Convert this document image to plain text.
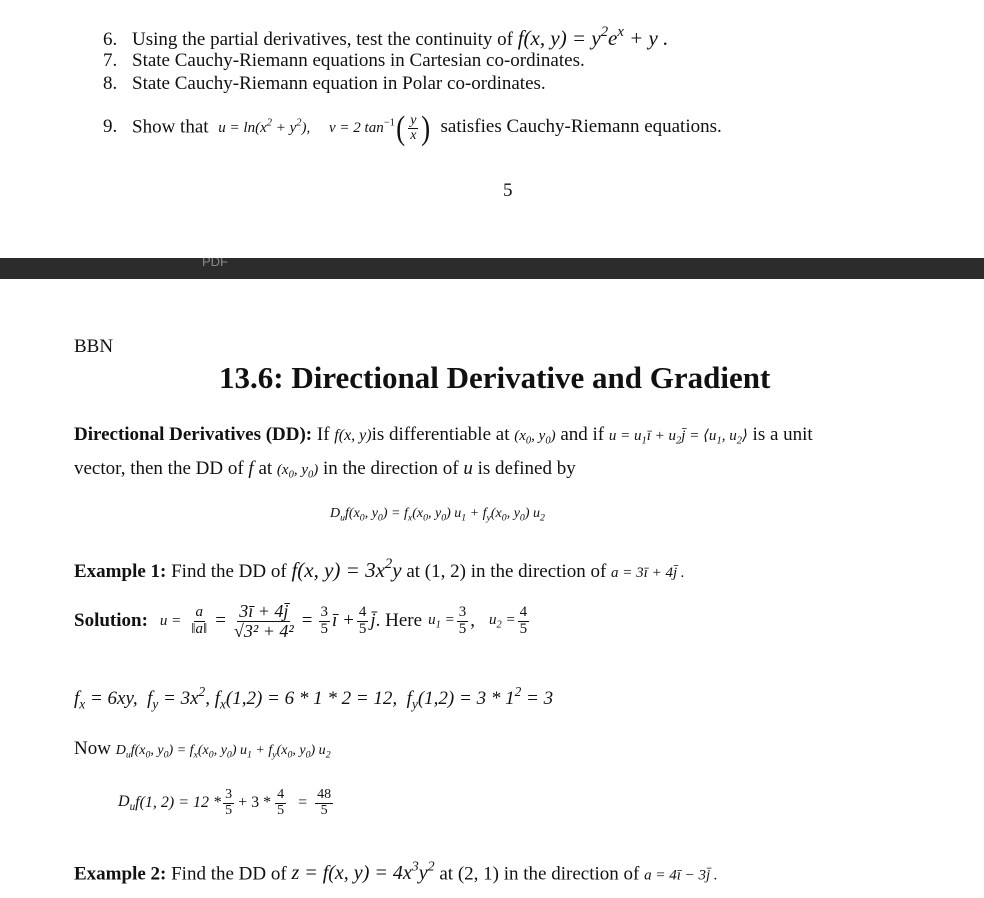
6. Using the partial derivatives, test the continuity of f(x, $y) = y^2e^x + y$ .
7. State Cauchy-Riemann equations in Cartesian co-ordinates.
8. State Cauchy-Riemann equation in Polar co-ordinates.
9. Show that $u = \ln(x^2 + y^2)$, v = 2 $\tan^{-1}( \frac{y}{x}$ ) satisfies Cauchy-Riemann equations.
5
PDF
BBN
13.6: Directional Derivative and Gradient
Directional Derivatives (DD): If f(x, y)is differentiable at ($x_0$, $y_0$) and if $u = u_1ī$ + $u_2j̄$ = $⟨u_1$, $u_2⟩$ is a unit
vector, then the DD of f at ($x_0$, $y_0$) in the direction of u is defined by
$D_uf(x_0$, $y_0) = f_x(x_0$, $y_0$) $u_1 + f_y(x_0$, $y_0$) $u_2$
Example 1: Find the DD of f(x, $y) = 3x^2y$ at (1, 2) in the direction of a = 3ī + 4j̄ .
Solution: $u = \frac{a}{‖a‖} = \frac{3ī + 4j̄}{\text{√3² + 4²}} = \frac{3}{5}$ ī + $\frac{4}{5}$ j̄ . Here $u_1 = \frac{3}{5}$ , $u_2 = \frac{4}{5}$
$f_x = 6xy$,  $f_y = 3x^2$, $f_x(1,2) = 6 * 1 * 2 = 12$,  $f_y(1,2) = 3 * 1^2 = 3$
Now $D_uf(x_0$, $y_0) = f_x(x_0$, $y_0$) $u_1 + f_y(x_0$, $y_0$) $u_2$
$D_u$ f(1, $2) = 12 * \frac{3}{5} + 3 * \frac{4}{5} = \frac{48}{5}$
Example 2: Find the DD of z = f(x, $y) = 4x^3y^2$ at (2, 1) in the direction of a = 4ī − 3j̄ .
